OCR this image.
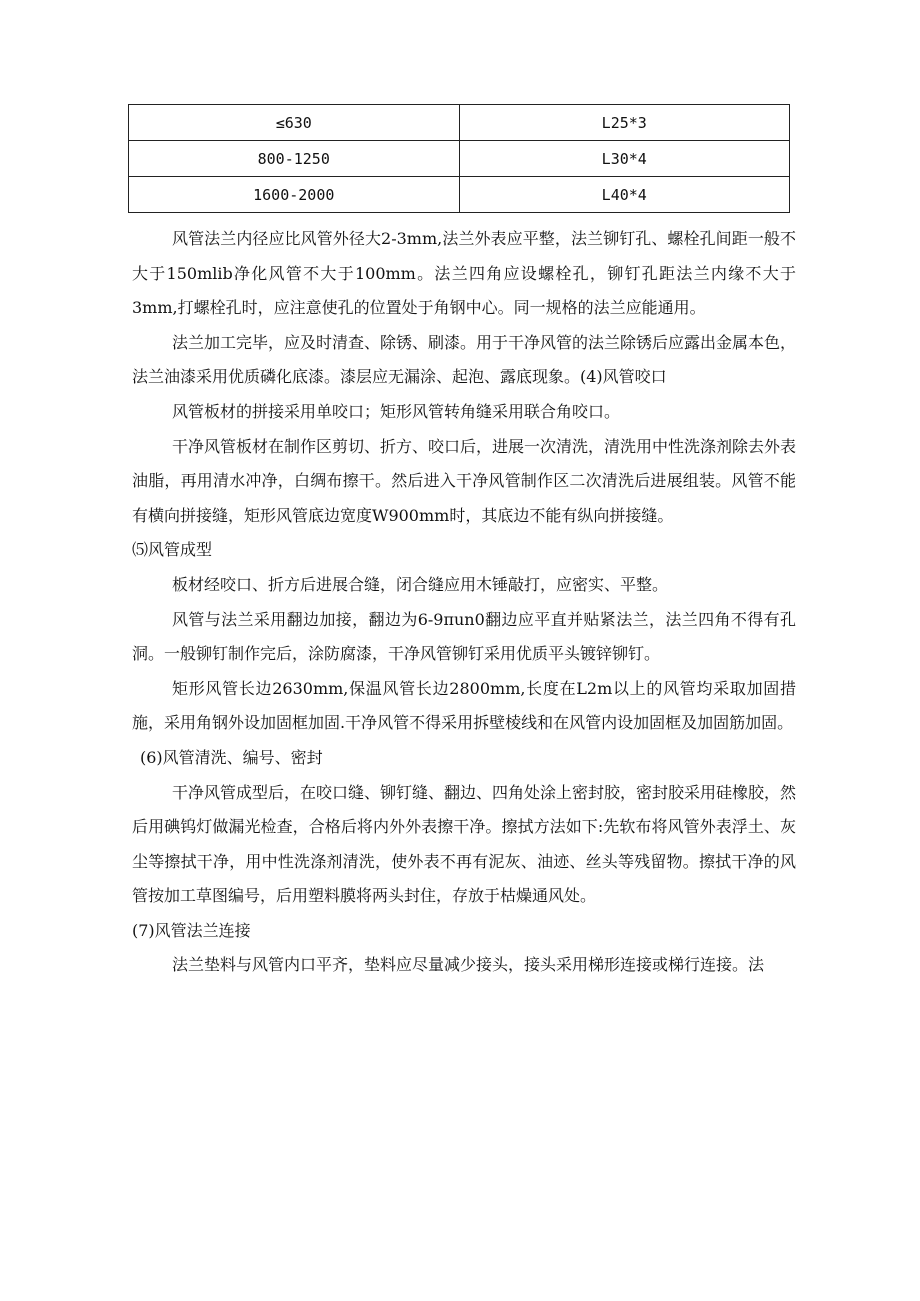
≤630	L25*3
800-1250	L30*4
1600-2000	L40*4

风管法兰内径应比风管外径大2-3mm,法兰外表应平整，法兰铆钉孔、螺栓孔间距一般不大于150mlib净化风管不大于100mm。法兰四角应设螺栓孔，铆钉孔距法兰内缘不大于3mm,打螺栓孔时，应注意使孔的位置处于角钢中心。同一规格的法兰应能通用。

法兰加工完毕，应及时清查、除锈、刷漆。用于干净风管的法兰除锈后应露出金属本色，法兰油漆采用优质磷化底漆。漆层应无漏涂、起泡、露底现象。(4)风管咬口

风管板材的拼接采用单咬口；矩形风管转角缝采用联合角咬口。

干净风管板材在制作区剪切、折方、咬口后，进展一次清洗，清洗用中性洗涤剂除去外表油脂，再用清水冲净，白绸布擦干。然后进入干净风管制作区二次清洗后进展组装。风管不能有横向拼接缝，矩形风管底边宽度W900mm时，其底边不能有纵向拼接缝。

⑸风管成型

板材经咬口、折方后进展合缝，闭合缝应用木锤敲打，应密实、平整。

风管与法兰采用翻边加接，翻边为6-9πun0翻边应平直并贴紧法兰，法兰四角不得有孔洞。一般铆钉制作完后，涂防腐漆，干净风管铆钉采用优质平头镀锌铆钉。

矩形风管长边2630mm,保温风管长边2800mm,长度在L2m以上的风管均采取加固措施，采用角钢外设加固框加固.干净风管不得采用拆壁棱线和在风管内设加固框及加固筋加固。

(6)风管清洗、编号、密封

干净风管成型后，在咬口缝、铆钉缝、翻边、四角处涂上密封胶，密封胶采用硅橡胶，然后用碘钨灯做漏光检查，合格后将内外外表擦干净。擦拭方法如下:先软布将风管外表浮土、灰尘等擦拭干净，用中性洗涤剂清洗，使外表不再有泥灰、油迹、丝头等残留物。擦拭干净的风管按加工草图编号，后用塑料膜将两头封住，存放于枯燥通风处。

(7)风管法兰连接

法兰垫料与风管内口平齐，垫料应尽量减少接头，接头采用梯形连接或梯行连接。法
